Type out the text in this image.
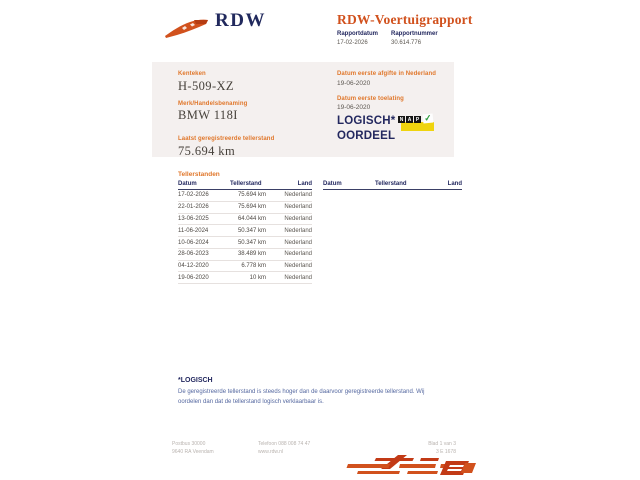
RDW	RDW-Voertuigrapport
Rapportdatum
17-02-2026
Rapportnummer
30.614.776
Kenteken
H-509-XZ
Merk/Handelsbenaming
BMW 118I
Laatst geregistreerde tellerstand
75.694 km
Datum eerste afgifte in Nederland
19-06-2020
Datum eerste toelating
19-06-2020
LOGISCH*
OORDEEL
N A P ✓
Tellerstanden
Datum	Tellerstand	Land
17-02-2026	75.694 km	Nederland
22-01-2026	75.694 km	Nederland
13-06-2025	64.044 km	Nederland
11-06-2024	50.347 km	Nederland
10-06-2024	50.347 km	Nederland
28-06-2023	38.489 km	Nederland
04-12-2020	6.778 km	Nederland
19-06-2020	10 km	Nederland
Datum	Tellerstand	Land
*LOGISCH
De geregistreerde tellerstand is steeds hoger dan de daarvoor geregistreerde tellerstand. Wij oordelen dan dat de tellerstand logisch verklaarbaar is.
Postbus 30000
9640 RA Veendam
Telefoon 088 008 74 47
www.rdw.nl
Blad 1 van 3
3 E 1678
